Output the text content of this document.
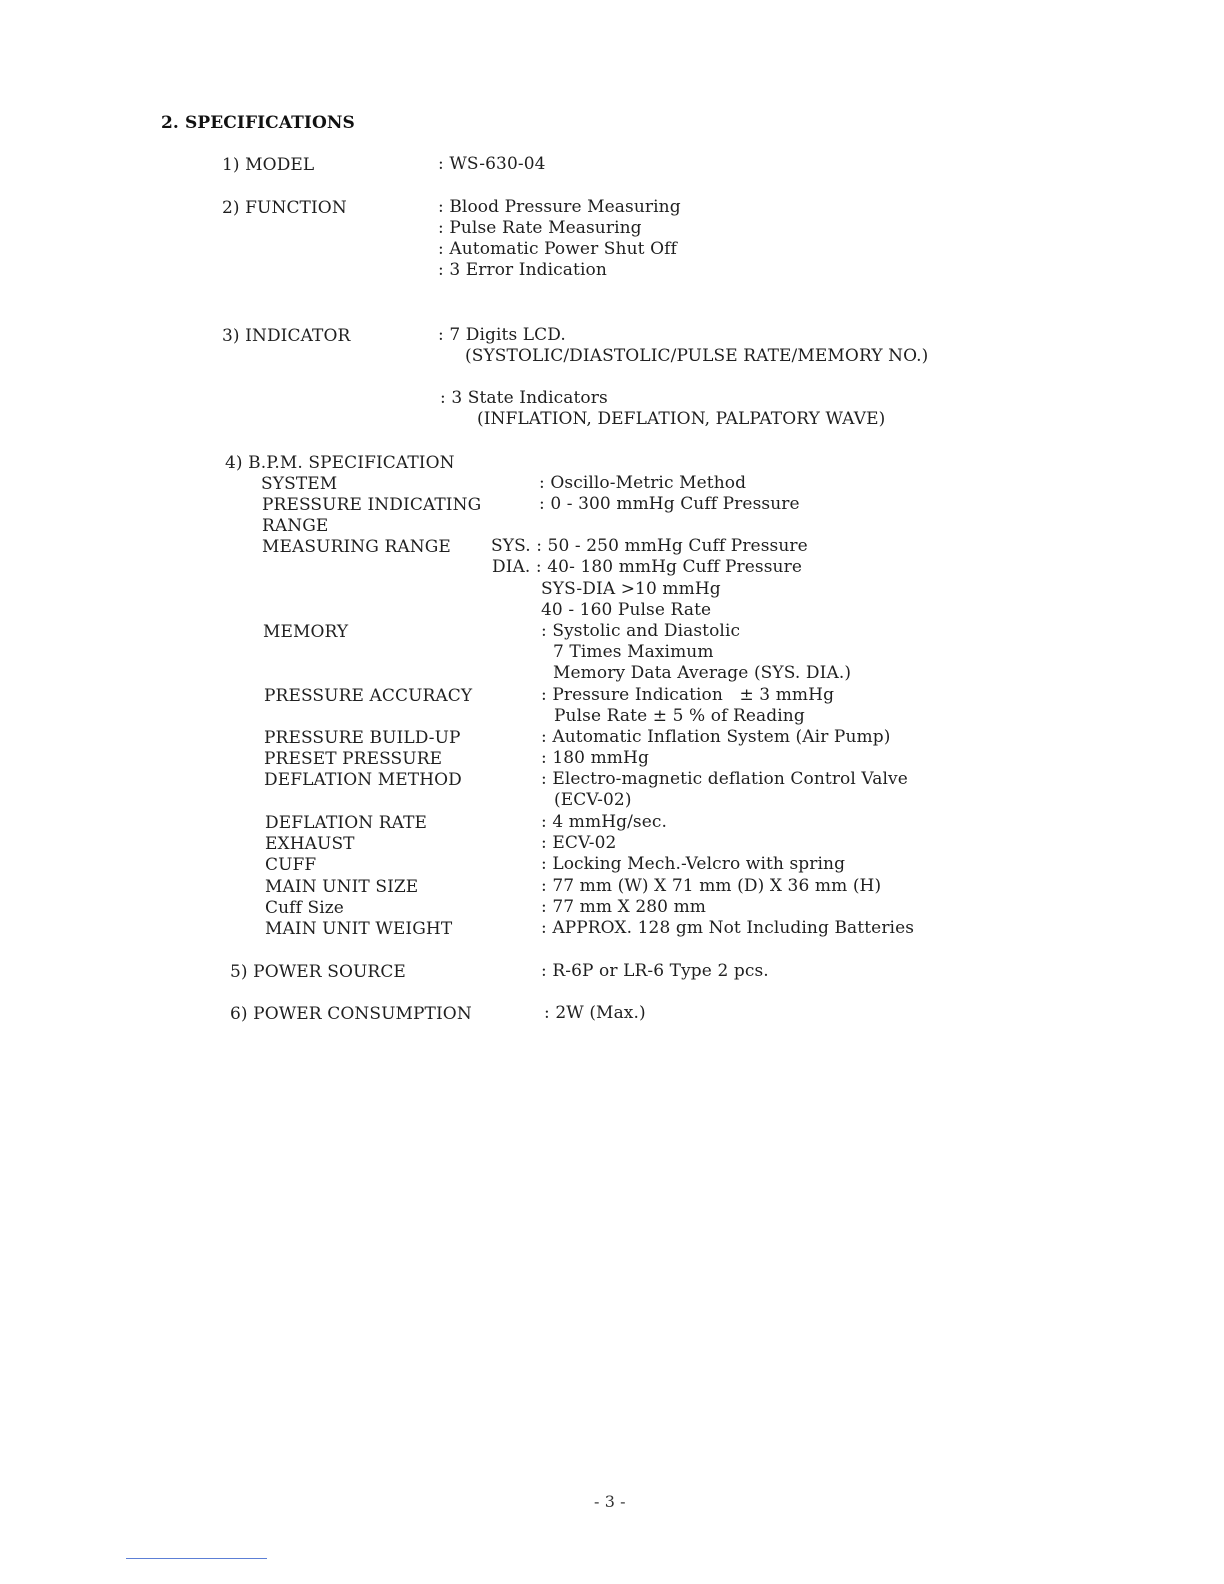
2. SPECIFICATIONS
1) MODEL	: WS-630-04
2) FUNCTION	: Blood Pressure Measuring
: Pulse Rate Measuring
: Automatic Power Shut Off
: 3 Error Indication
3) INDICATOR	: 7 Digits LCD.
(SYSTOLIC/DIASTOLIC/PULSE RATE/MEMORY NO.)
: 3 State Indicators
(INFLATION, DEFLATION, PALPATORY WAVE)
4) B.P.M. SPECIFICATION
SYSTEM	: Oscillo-Metric Method
PRESSURE INDICATING	: 0 - 300 mmHg Cuff Pressure
RANGE
MEASURING RANGE SYS. : 50 - 250 mmHg Cuff Pressure
DIA. : 40- 180 mmHg Cuff Pressure
SYS-DIA >10 mmHg
40 - 160 Pulse Rate
MEMORY	: Systolic and Diastolic
7 Times Maximum
Memory Data Average (SYS. DIA.)
PRESSURE ACCURACY	: Pressure Indication   ± 3 mmHg
Pulse Rate ± 5 % of Reading
PRESSURE BUILD-UP	: Automatic Inflation System (Air Pump)
PRESET PRESSURE	: 180 mmHg
DEFLATION METHOD	: Electro-magnetic deflation Control Valve
(ECV-02)
DEFLATION RATE	: 4 mmHg/sec.
EXHAUST	: ECV-02
CUFF	: Locking Mech.-Velcro with spring
MAIN UNIT SIZE	: 77 mm (W) X 71 mm (D) X 36 mm (H)
Cuff Size	: 77 mm X 280 mm
MAIN UNIT WEIGHT	: APPROX. 128 gm Not Including Batteries
5) POWER SOURCE	: R-6P or LR-6 Type 2 pcs.
6) POWER CONSUMPTION	: 2W (Max.)
- 3 -
